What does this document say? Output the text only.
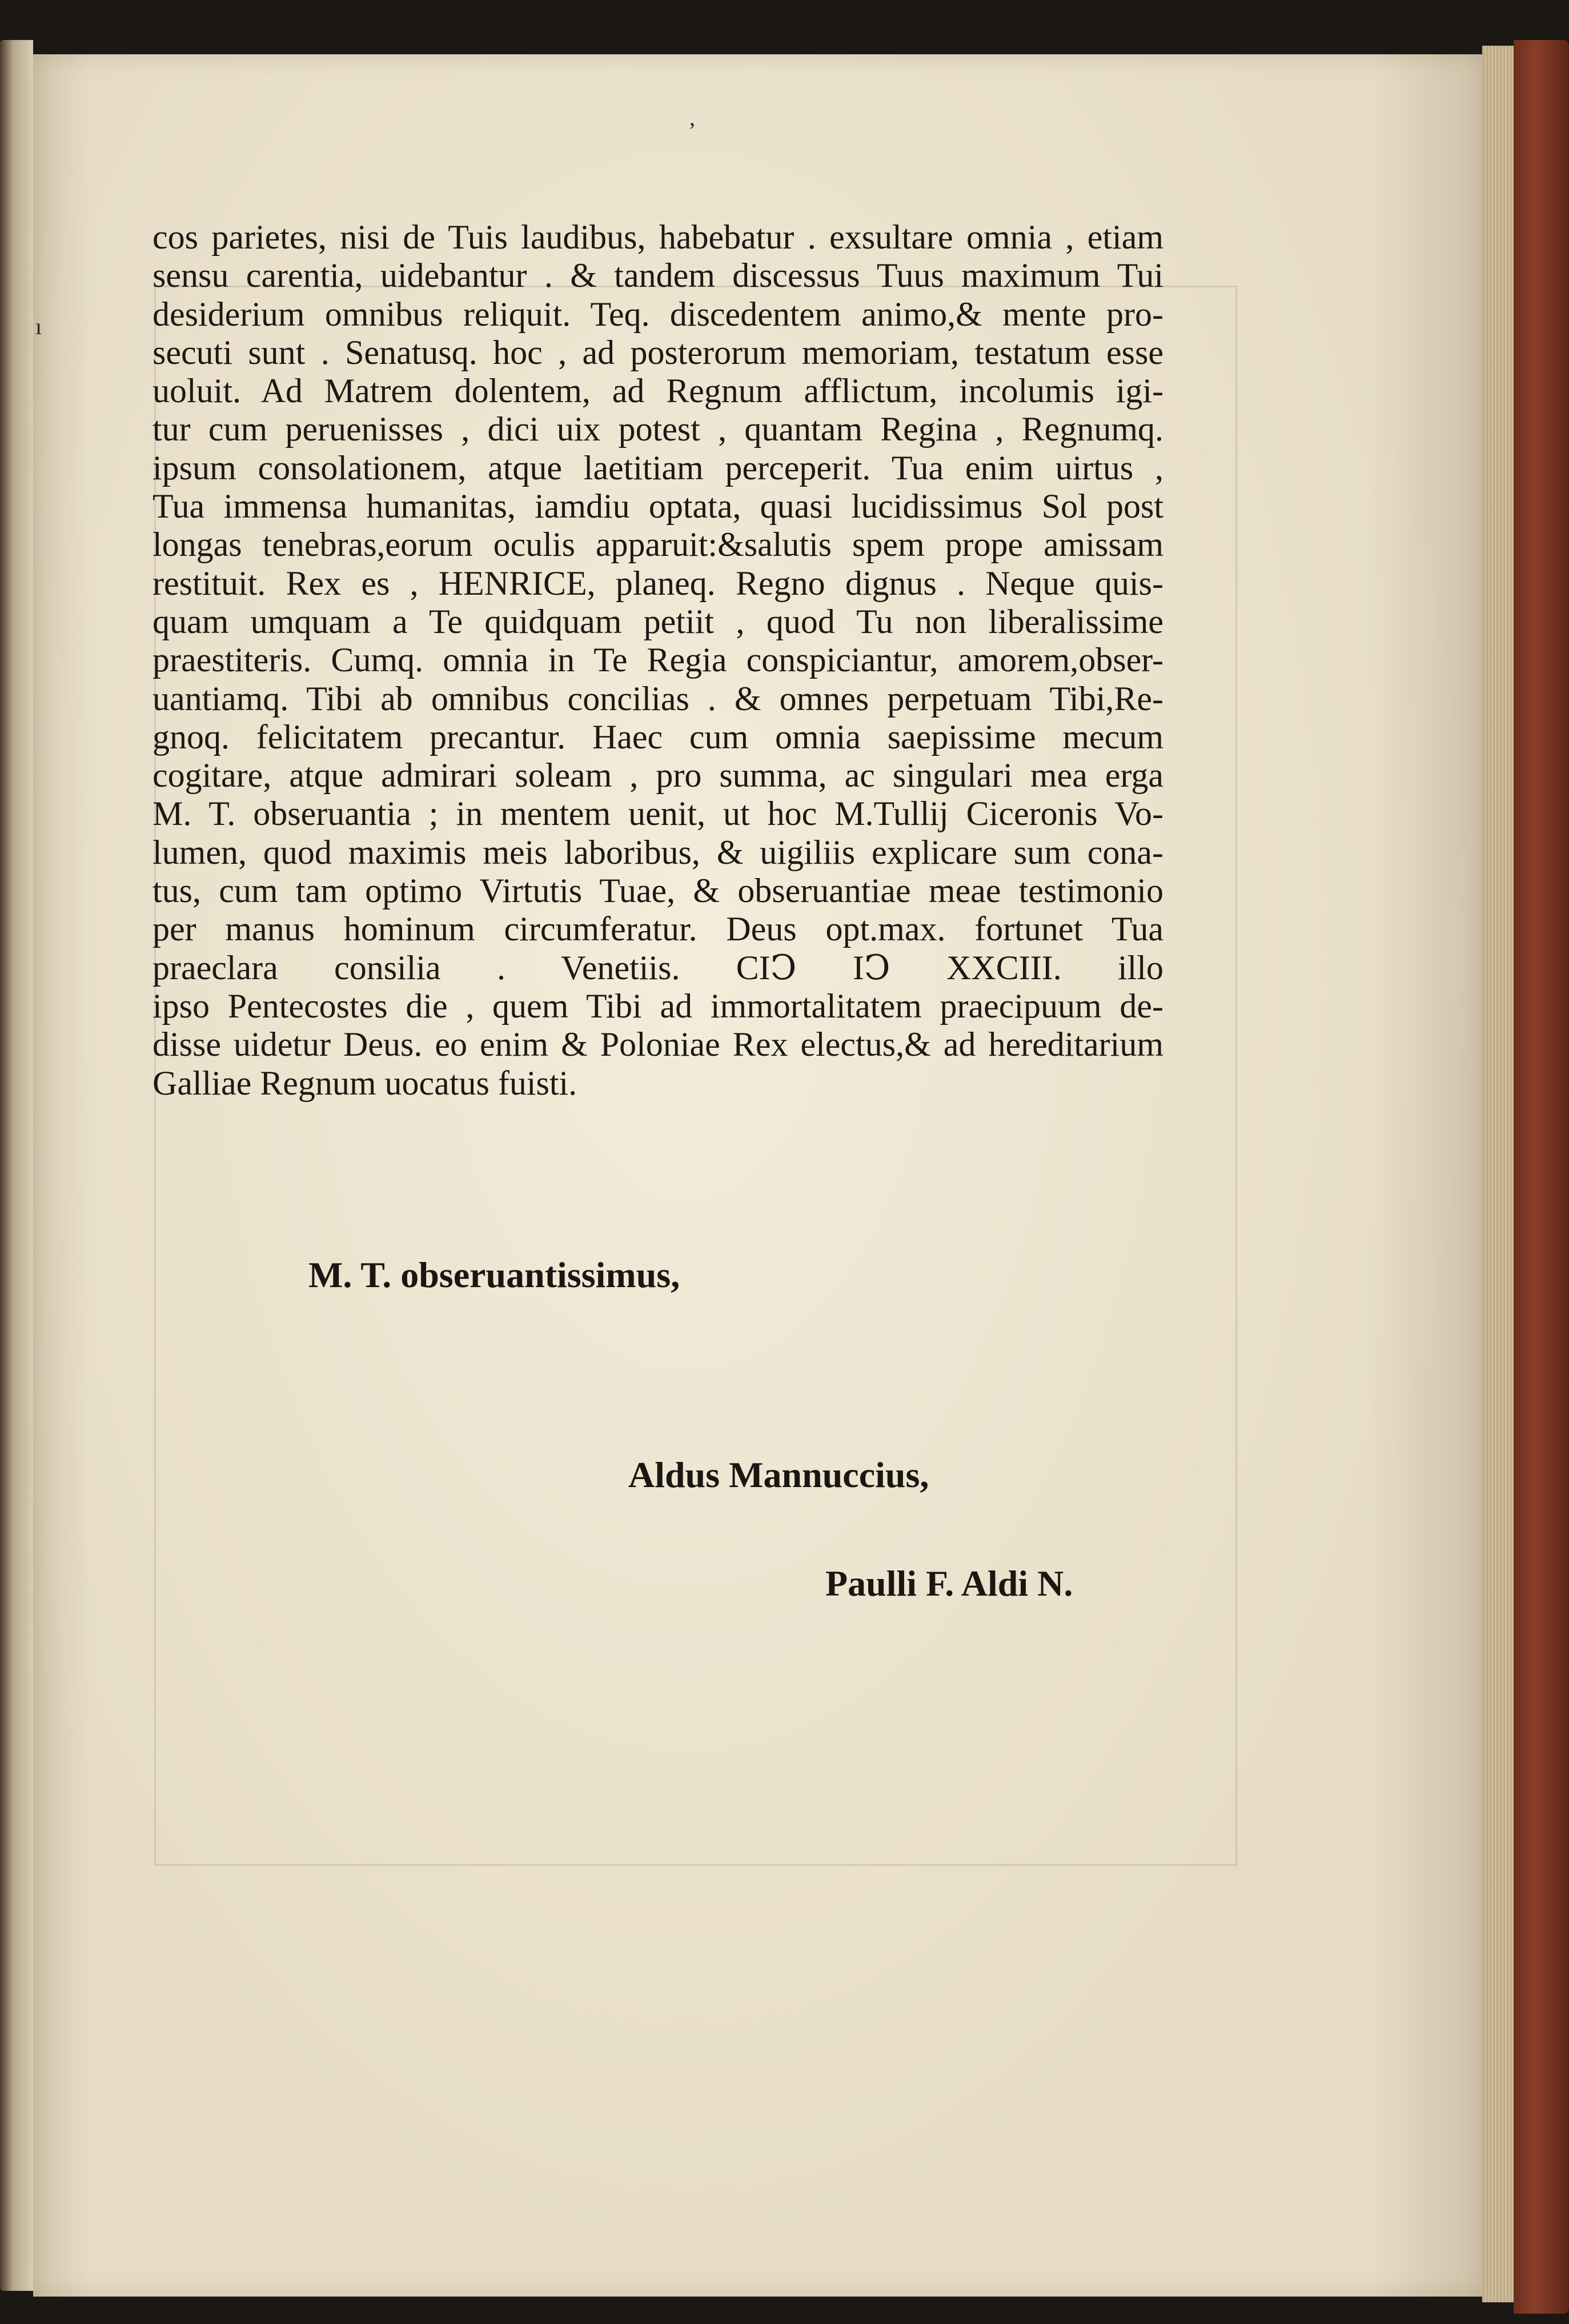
’
ı
cos parietes, nisi de Tuis laudibus, habebatur . exsultare omnia , etiam
sensu carentia, uidebantur . & tandem discessus Tuus maximum Tui
desiderium omnibus reliquit. Teq. discedentem animo,& mente pro-
secuti sunt . Senatusq. hoc , ad posterorum memoriam, testatum esse
uoluit. Ad Matrem dolentem, ad Regnum afflictum, incolumis igi-
tur cum peruenisses , dici uix potest , quantam Regina , Regnumq.
ipsum consolationem, atque laetitiam perceperit. Tua enim uirtus ,
Tua immensa humanitas, iamdiu optata, quasi lucidissimus Sol post
longas tenebras,eorum oculis apparuit:&salutis spem prope amissam
restituit. Rex es , HENRICE, planeq. Regno dignus . Neque quis-
quam umquam a Te quidquam petiit , quod Tu non liberalissime
praestiteris. Cumq. omnia in Te Regia conspiciantur, amorem,obser-
uantiamq. Tibi ab omnibus concilias . & omnes perpetuam Tibi,Re-
gnoq. felicitatem precantur. Haec cum omnia saepissime mecum
cogitare, atque admirari soleam , pro summa, ac singulari mea erga
M. T. obseruantia ; in mentem uenit, ut hoc M.Tullij Ciceronis Vo-
lumen, quod maximis meis laboribus, & uigiliis explicare sum cona-
tus, cum tam optimo Virtutis Tuae, & obseruantiae meae testimonio
per manus hominum circumferatur. Deus opt.max. fortunet Tua
praeclara consilia . Venetiis. CIↃ IↃ XXCIII. illo
ipso Pentecostes die , quem Tibi ad immortalitatem praecipuum de-
disse uidetur Deus. eo enim & Poloniae Rex electus,& ad hereditarium
Galliae Regnum uocatus fuisti.
M. T. obseruantissimus,
Aldus Mannuccius,
Paulli F. Aldi N.
